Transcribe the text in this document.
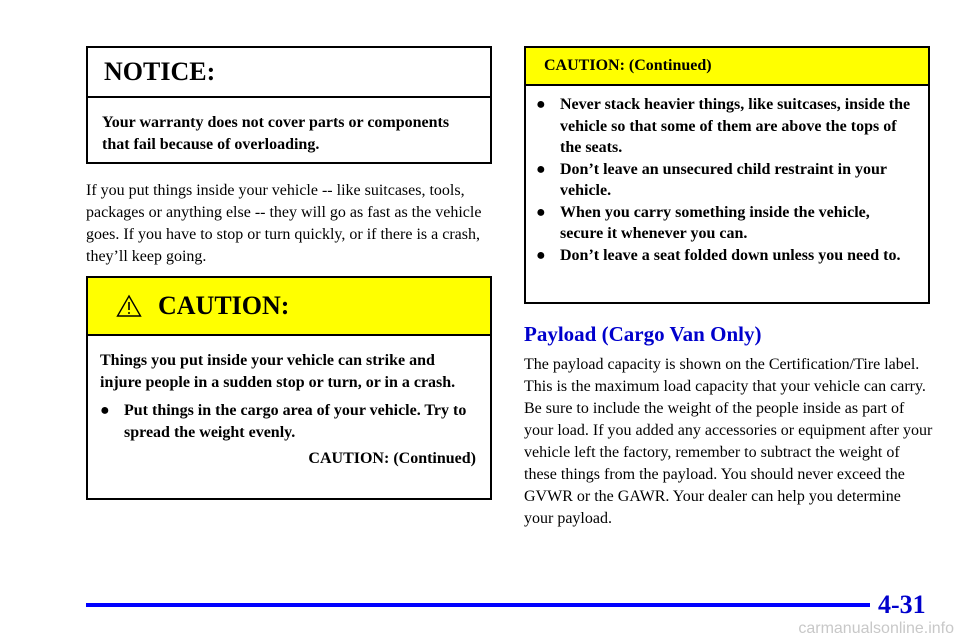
NOTICE:

Your warranty does not cover parts or components that fail because of overloading.

If you put things inside your vehicle -- like suitcases, tools, packages or anything else -- they will go as fast as the vehicle goes. If you have to stop or turn quickly, or if there is a crash, they’ll keep going.

CAUTION:

Things you put inside your vehicle can strike and injure people in a sudden stop or turn, or in a crash.

● Put things in the cargo area of your vehicle. Try to spread the weight evenly.

CAUTION: (Continued)

CAUTION: (Continued)
● Never stack heavier things, like suitcases, inside the vehicle so that some of them are above the tops of the seats.
● Don’t leave an unsecured child restraint in your vehicle.
● When you carry something inside the vehicle, secure it whenever you can.
● Don’t leave a seat folded down unless you need to.
Payload (Cargo Van Only)

The payload capacity is shown on the Certification/Tire label. This is the maximum load capacity that your vehicle can carry. Be sure to include the weight of the people inside as part of your load. If you added any accessories or equipment after your vehicle left the factory, remember to subtract the weight of these things from the payload. You should never exceed the GVWR or the GAWR. Your dealer can help you determine your payload.

4-31
carmanualsonline.info
